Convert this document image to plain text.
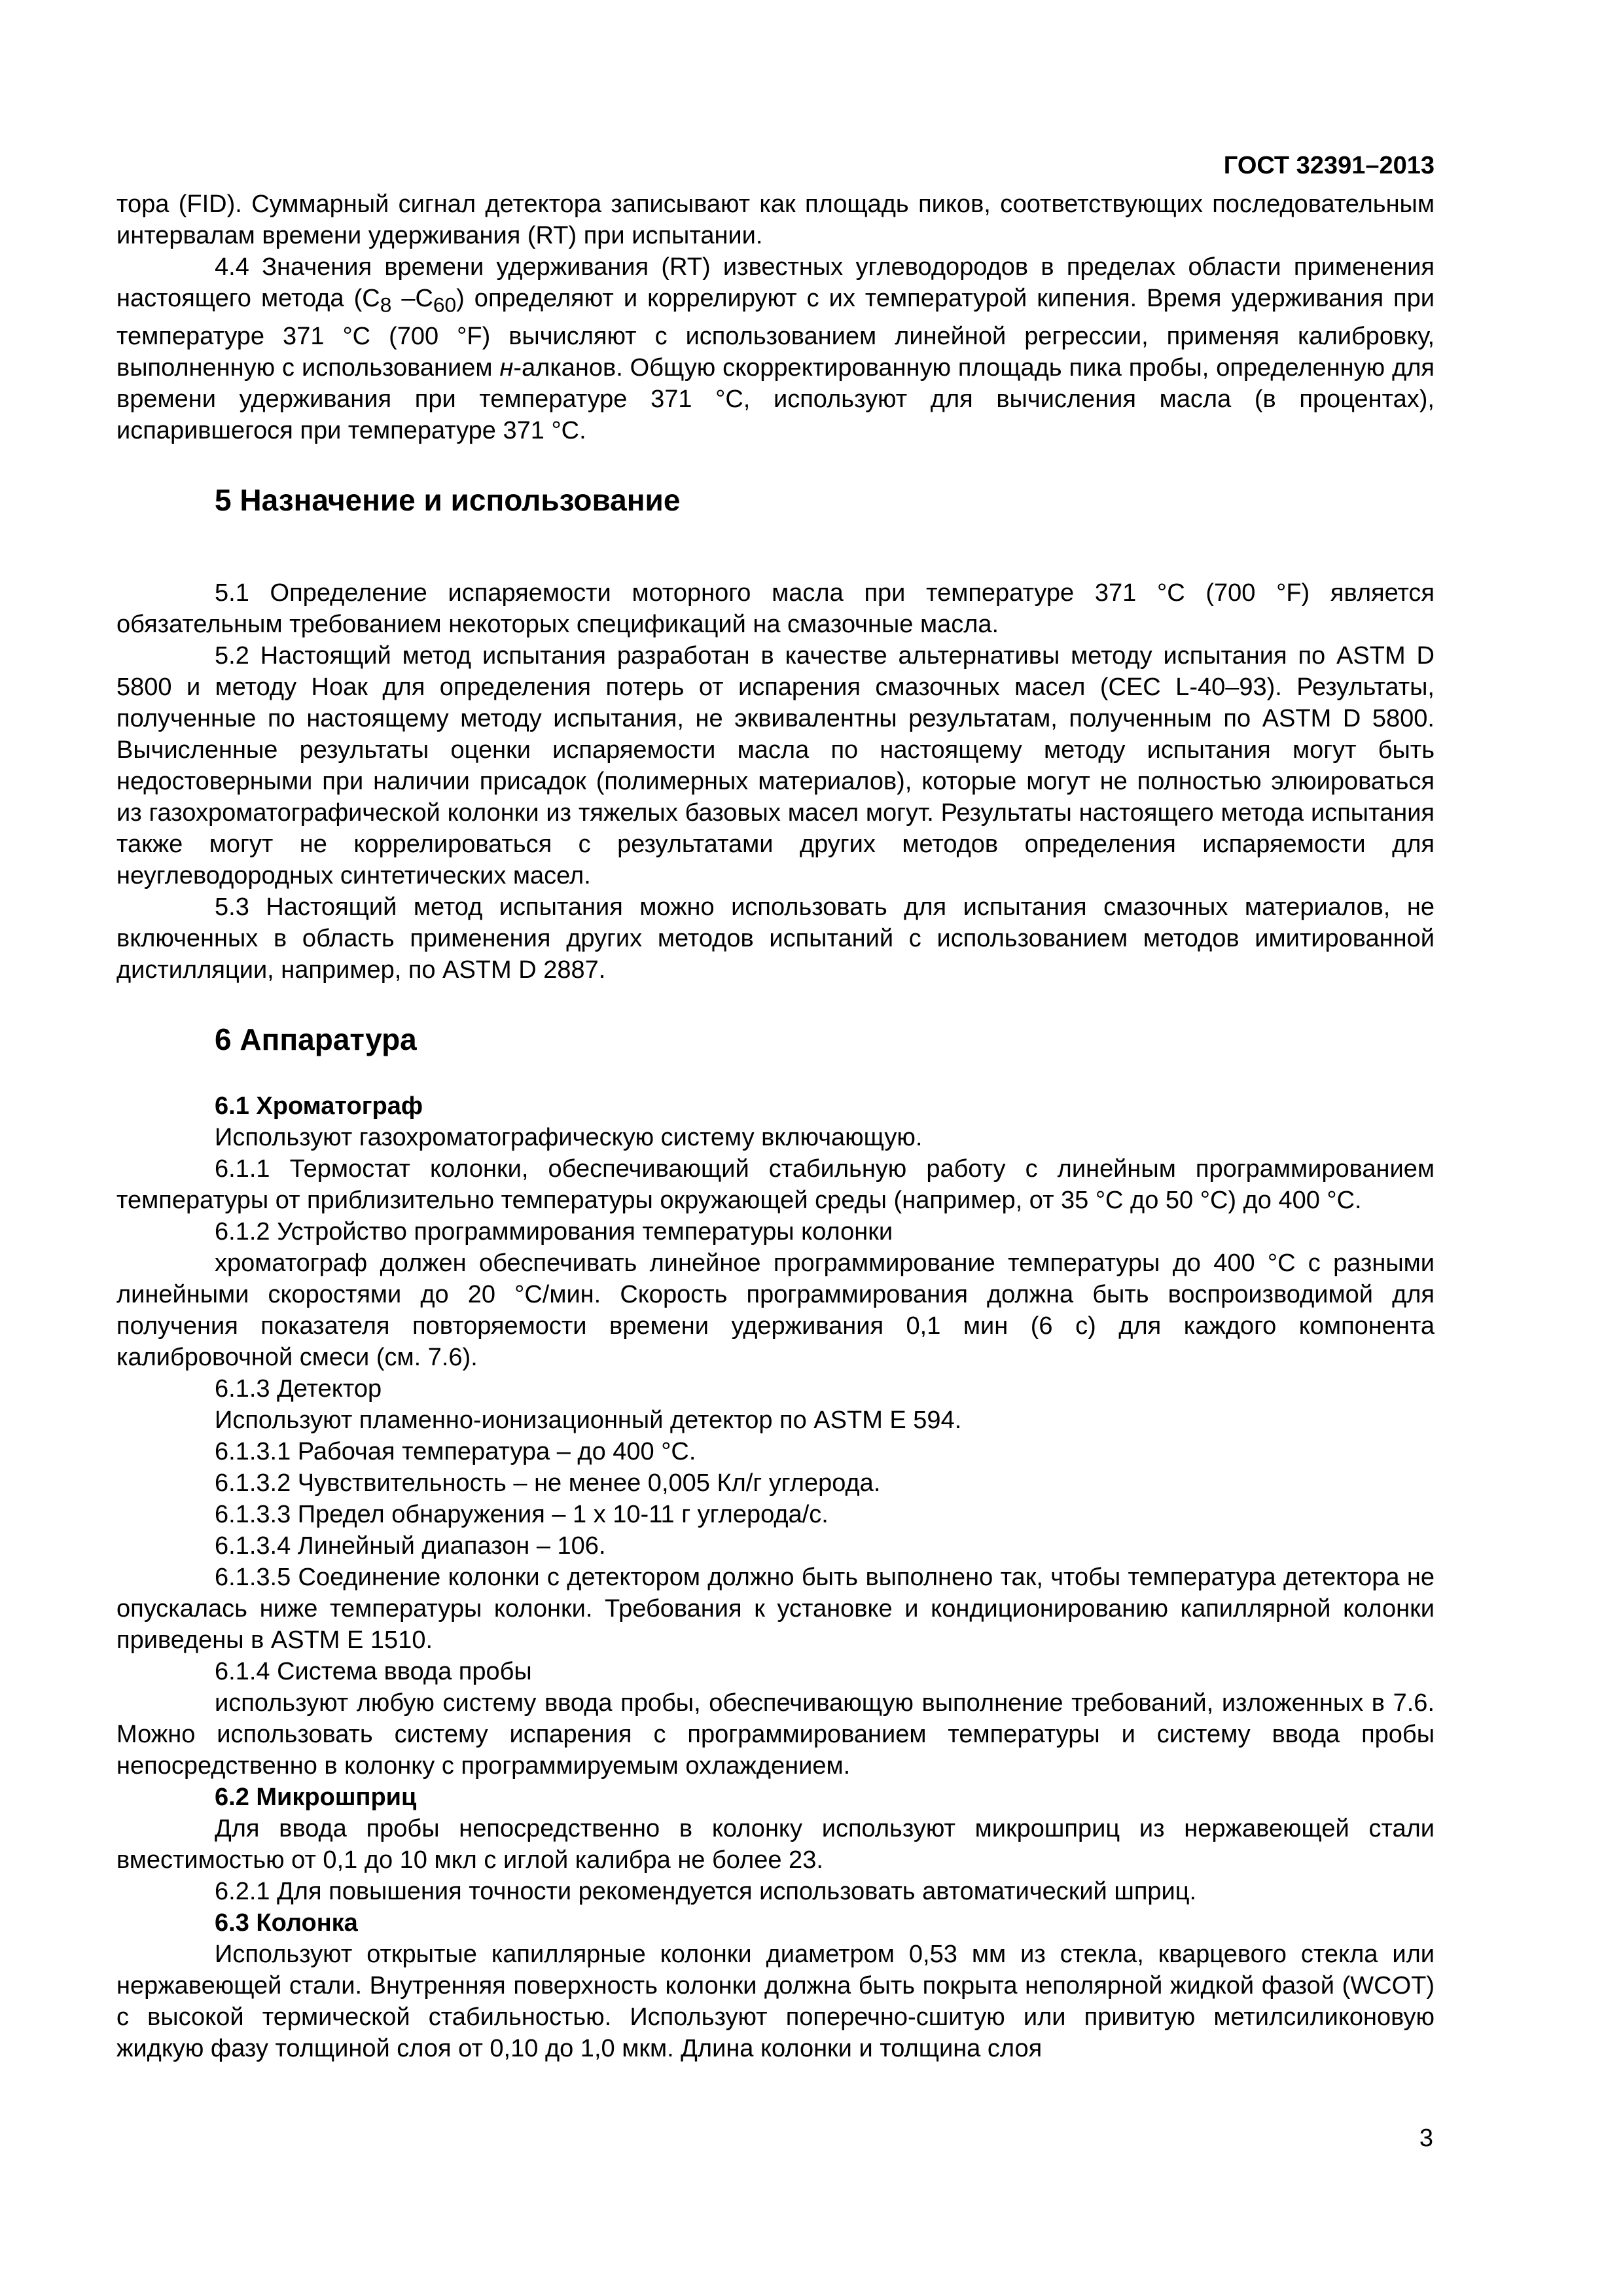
ГОСТ 32391–2013

тора (FID). Суммарный сигнал детектора записывают как площадь пиков, соответствующих последовательным интервалам времени удерживания (RT) при испытании.

4.4 Значения времени удерживания (RT) известных углеводородов в пределах области применения настоящего метода ($C_8$ $-C_{60}$) определяют и коррелируют с их температурой кипения. Время удерживания при температуре 371 °C (700 °F) вычисляют с использованием линейной регрессии, применяя калибровку, выполненную с использованием н-алканов. Общую скорректированную площадь пика пробы, определенную для времени удерживания при температуре 371 °C, используют для вычисления масла (в процентах), испарившегося при температуре 371 °C.

5 Назначение и использование

5.1 Определение испаряемости моторного масла при температуре 371 °C (700 °F) является обязательным требованием некоторых спецификаций на смазочные масла.

5.2 Настоящий метод испытания разработан в качестве альтернативы методу испытания по ASTM D 5800 и методу Ноак для определения потерь от испарения смазочных масел (CEC L-40–93). Результаты, полученные по настоящему методу испытания, не эквивалентны результатам, полученным по ASTM D 5800. Вычисленные результаты оценки испаряемости масла по настоящему методу испытания могут быть недостоверными при наличии присадок (полимерных материалов), которые могут не полностью элюироваться из газохроматографической колонки из тяжелых базовых масел могут. Результаты настоящего метода испытания также могут не коррелироваться с результатами других методов определения испаряемости для неуглеводородных синтетических масел.

5.3 Настоящий метод испытания можно использовать для испытания смазочных материалов, не включенных в область применения других методов испытаний с использованием методов имитированной дистилляции, например, по ASTM D 2887.

6 Аппаратура

6.1 Хроматограф

Используют газохроматографическую систему включающую.

6.1.1 Термостат колонки, обеспечивающий стабильную работу с линейным программированием температуры от приблизительно температуры окружающей среды (например, от 35 °C до 50 °C) до 400 °C.

6.1.2 Устройство программирования температуры колонки

хроматограф должен обеспечивать линейное программирование температуры до 400 °C с разными линейными скоростями до 20 °C/мин. Скорость программирования должна быть воспроизводимой для получения показателя повторяемости времени удерживания 0,1 мин (6 с) для каждого компонента калибровочной смеси (см. 7.6).

6.1.3 Детектор

Используют пламенно-ионизационный детектор по ASTM E 594.

6.1.3.1 Рабочая температура – до 400 °C.

6.1.3.2 Чувствительность – не менее 0,005 Кл/г углерода.

6.1.3.3 Предел обнаружения – 1 х 10-11 г углерода/с.

6.1.3.4 Линейный диапазон – 106.

6.1.3.5 Соединение колонки с детектором должно быть выполнено так, чтобы температура детектора не опускалась ниже температуры колонки. Требования к установке и кондиционированию капиллярной колонки приведены в ASTM E 1510.

6.1.4 Система ввода пробы

используют любую систему ввода пробы, обеспечивающую выполнение требований, изложенных в 7.6. Можно использовать систему испарения с программированием температуры и систему ввода пробы непосредственно в колонку с программируемым охлаждением.

6.2 Микрошприц

Для ввода пробы непосредственно в колонку используют микрошприц из нержавеющей стали вместимостью от 0,1 до 10 мкл с иглой калибра не более 23.

6.2.1 Для повышения точности рекомендуется использовать автоматический шприц.

6.3 Колонка

Используют открытые капиллярные колонки диаметром 0,53 мм из стекла, кварцевого стекла или нержавеющей стали. Внутренняя поверхность колонки должна быть покрыта неполярной жидкой фазой (WCOT) с высокой термической стабильностью. Используют поперечно-сшитую или привитую метилсиликоновую жидкую фазу толщиной слоя от 0,10 до 1,0 мкм. Длина колонки и толщина слоя

3
